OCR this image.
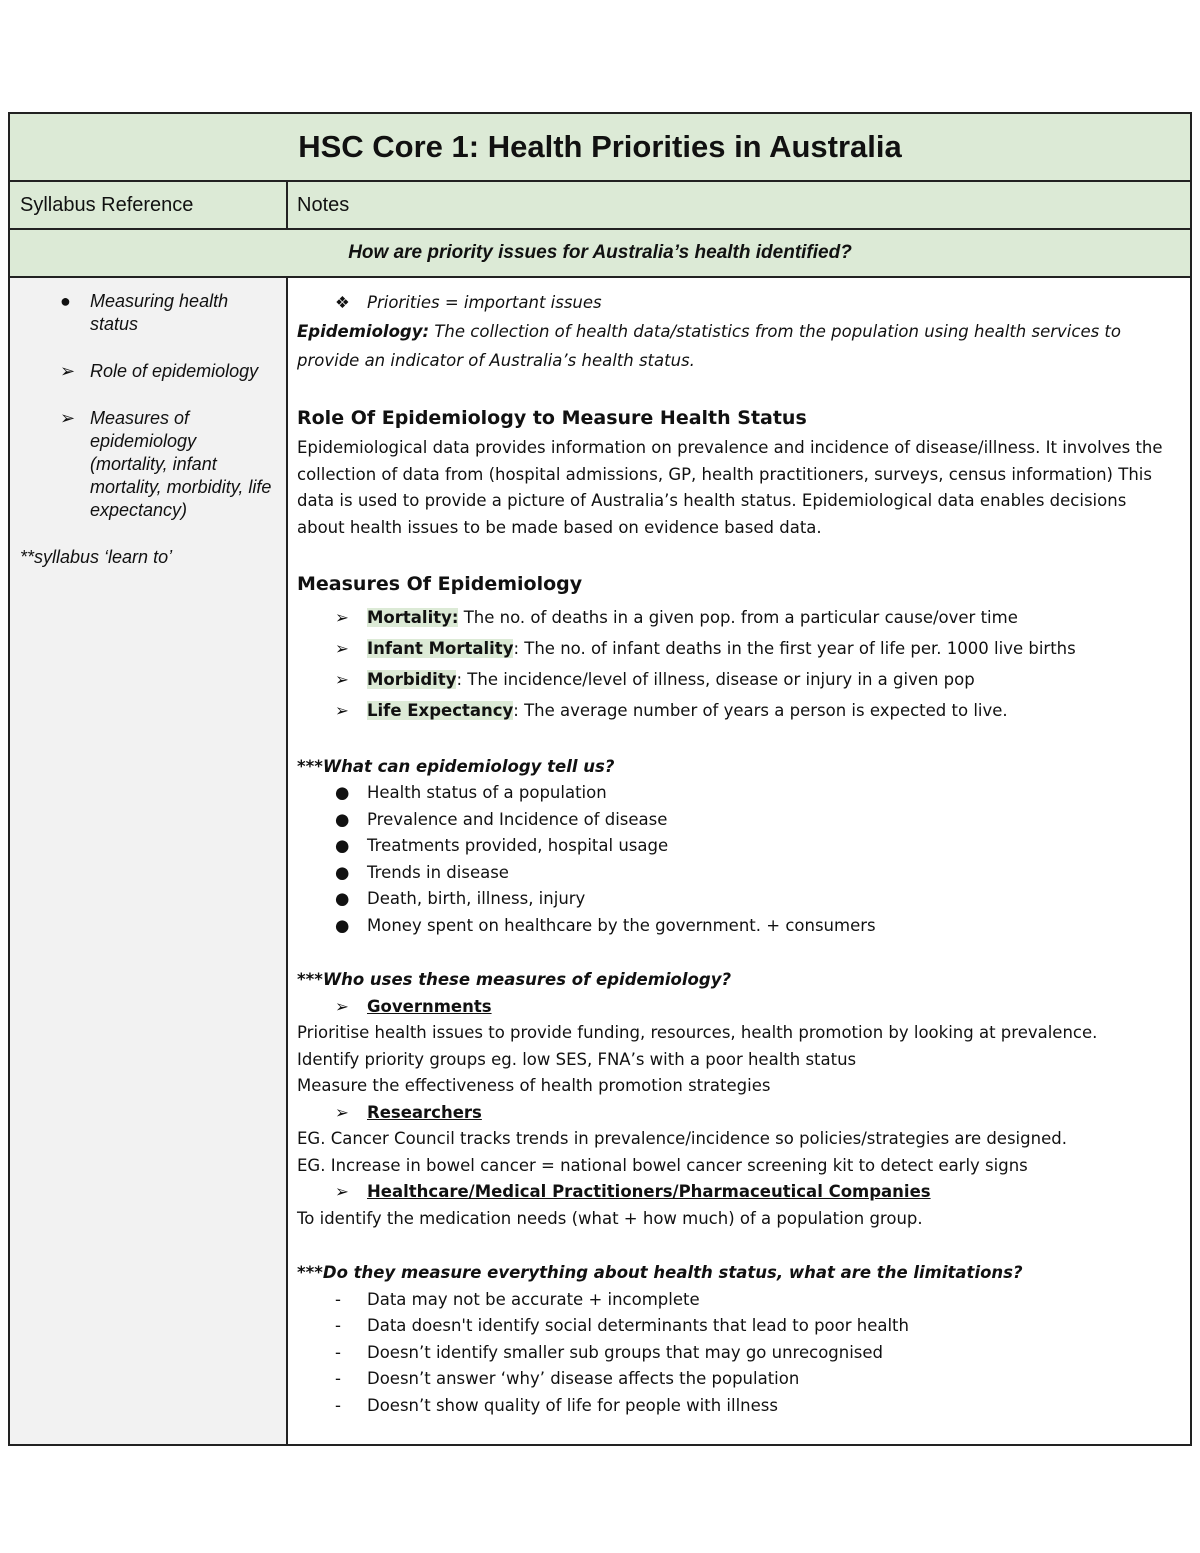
HSC Core 1: Health Priorities in Australia
Syllabus Reference	Notes
How are priority issues for Australia’s health identified?
●	Measuring health status
➢ Role of epidemiology
➢ Measures of epidemiology (mortality, infant mortality, morbidity, life expectancy)
**syllabus ‘learn to’
❖	Priorities = important issues
Epidemiology: The collection of health data/statistics from the population using health services to provide an indicator of Australia’s health status.
Role Of Epidemiology to Measure Health Status
Epidemiological data provides information on prevalence and incidence of disease/illness. It involves the collection of data from (hospital admissions, GP, health practitioners, surveys, census information) This data is used to provide a picture of Australia’s health status. Epidemiological data enables decisions about health issues to be made based on evidence based data.
Measures Of Epidemiology
➢	Mortality: The no. of deaths in a given pop. from a particular cause/over time
➢	Infant Mortality: The no. of infant deaths in the first year of life per. 1000 live births
➢	Morbidity: The incidence/level of illness, disease or injury in a given pop
➢	Life Expectancy: The average number of years a person is expected to live.
***What can epidemiology tell us?
●	Health status of a population
●	Prevalence and Incidence of disease
●	Treatments provided, hospital usage
●	Trends in disease
●	Death, birth, illness, injury
●	Money spent on healthcare by the government. + consumers
***Who uses these measures of epidemiology?
➢	Governments
Prioritise health issues to provide funding, resources, health promotion by looking at prevalence.
Identify priority groups eg. low SES, FNA’s with a poor health status
Measure the effectiveness of health promotion strategies
➢	Researchers
EG. Cancer Council tracks trends in prevalence/incidence so policies/strategies are designed.
EG. Increase in bowel cancer = national bowel cancer screening kit to detect early signs
➢	Healthcare/Medical Practitioners/Pharmaceutical Companies
To identify the medication needs (what + how much) of a population group.
***Do they measure everything about health status, what are the limitations?
-	Data may not be accurate + incomplete
-	Data doesn't identify social determinants that lead to poor health
-	Doesn’t identify smaller sub groups that may go unrecognised
-	Doesn’t answer ‘why’ disease affects the population
-	Doesn’t show quality of life for people with illness
